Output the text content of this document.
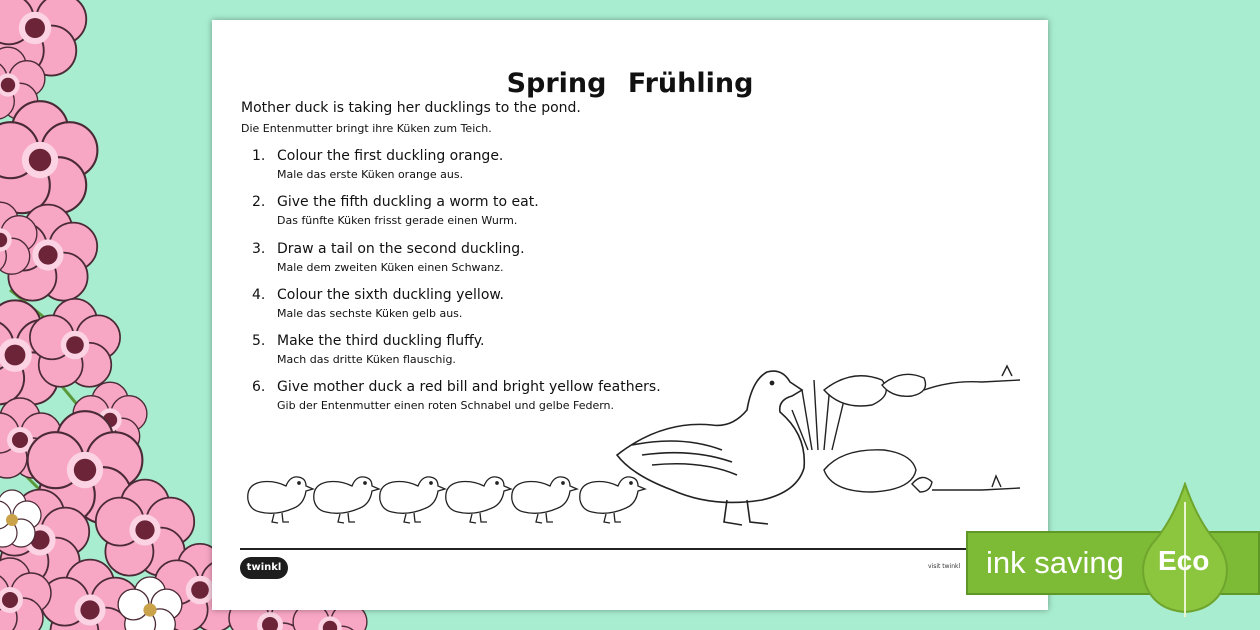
Spring Frühling
Mother duck is taking her ducklings to the pond.
Die Entenmutter bringt ihre Küken zum Teich.
1. Colour the first duckling orange.
Male das erste Küken orange aus.
2. Give the fifth duckling a worm to eat.
Das fünfte Küken frisst gerade einen Wurm.
3. Draw a tail on the second duckling.
Male dem zweiten Küken einen Schwanz.
4. Colour the sixth duckling yellow.
Male das sechste Küken gelb aus.
5. Make the third duckling fluffy.
Mach das dritte Küken flauschig.
6. Give mother duck a red bill and bright yellow feathers.
Gib der Entenmutter einen roten Schnabel und gelbe Federn.
twinkl	visit twinkl ink saving Eco
